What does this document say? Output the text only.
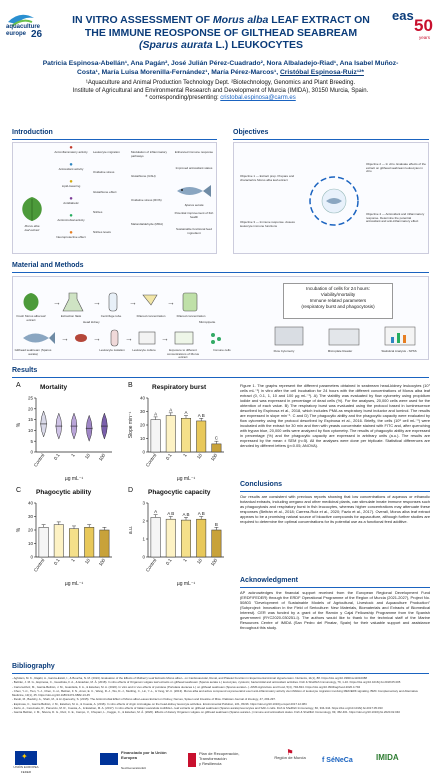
aquaculture
europe 26
eas
50
years
IN VITRO ASSESSMENT OF Morus alba LEAF EXTRACT ON
THE IMMUNE REOSPONSE OF GILTHEAD SEABREAM
(Sparus aurata L.) LEUKOCYTES
Patricia Espinosa-Abellán¹, Ana Pagán², José Julián Pérez-Cuadrado², Nora Albaladejo-Riad¹, Ana Isabel Muñoz-
Costa¹, María Luisa Morenilla-Fernández¹, María Pérez-Marcos¹, Cristóbal Espinosa-Ruiz¹²*
¹Aquaculture and Animal Production Technology Dept. ²Biotechnology, Genomics and Plant Breeding.
Institute of Agricultural and Environmental Research and Development of Murcia (IMIDA), 30150 Murcia, Spain.
* corresponding/presenting: cristobal.espinosa@carm.es
Introduction
Morus alba
leaf extract
●
Anti-inflammatory activity
●
Antioxidant activity
●
Lipid-lowering
●
Antidiabetic
●
Antimicrobial activity
●
Neuroprotective effect
Leukocyte migration
Oxidative stress
Glutathione effect
Nitrites
Nitrites levels
Modulation of inflammatory pathways
Glutathione (GSH)
Oxidative stress (ROS)
Malondialdehyde (MDA)
Enhanced immune response
Improved antioxidant status
Sparus aurata
Potential improvement of fish health
Sustainable functional feed ingredient
Objectives
Objective 1 — Extract prep. Prepare and characterize Morus alba leaf extract
Objective 2 — In vitro. Evaluate effects of the extract on gilthead seabream leukocytes in vitro
Objective 3 — Immune response. Assess leukocyte immune functions
Objective 4 — Antioxidant and inflammatory response. Determine the potential antioxidant and anti-inflammatory effect
Material and Methods
→	→	→	→
Fresh Morus alba leaf extract
Extraction flask	Centrifuge tube	Filtered concentration	Filtered concentration
→	→	→	→
Head kidney
Gilthead seabream (Sparus aurata)
Leukocyte isolation	Leukocyte culture	Exposure to different concentrations of Morus extract
Micropipette
Immune cells
Incubation of cells for 24 hours:
Viability/mortality
Immune related parameters
(respiratory burst and phagocytosis)
Flow Cytometry	Microplate Reader	Statistical Analysis - SPSS
Results
A	Mortality
0
5
10
15
20
25
%
Control 0.1 1 10 100
µg mL⁻¹
B	Respiratory burst
0
10
20
30
40
Slope min⁻¹	A
Control
A
0.1
A
1
A B
10
C
100
µg mL⁻¹
C Phagocytic ability
0
10
20
30
40
%
Control 0.1 1 10 100
µg mL⁻¹
D Phagocytic capacity
0
1
2
3
a.u.
A
Control
A B
0.1
A B
1
A B
10
B
100
µg mL⁻¹
Figure 1. The graphs represent the different parameters obtained in seabream head-kidney leukocytes (10⁷ cells mL⁻¹) in vitro after the cell incubation for 24 hours with the different concentrations of Morus alba leaf extract (0, 0.1, 1, 10 and 100 µg mL⁻¹). A) The viability was evaluated by flow cytometry using propidium iodide and was expressed in percentage of dead cells (%). For the analyses, 20,000 cells were used for the obtention of each value. B) The respiratory burst was evaluated using the protocol based in luminescence described by Espinosa et al., 2018, which includes PMA as respiratory burst inductor and luminol. The results are expressed in slope min⁻¹. C and D) The phagocytic ability and the phagocytic capacity were evaluated by flow cytometry using the protocol described by Espinosa et al., 2016. Briefly, the cells (10⁶ cell mL⁻¹) were incubated with the extract for 30 min and then with yeasts concentrate stained with FITC and, after quenching with trypan blue, 20,000 cells were analyzed by flow cytometry. The results of phagocytic ability are expressed in percentage (%) and the phagocytic capacity are expressed in arbitrary units (a.u.). The results are expressed by the mean ± SEM (n=5). All the analyses were done per triplicate. Statistical differences are denoted by different letters (p<0.05; ANOVA).
Conclusions
Our results are consistent with previous reports showing that low concentrations of aqueous or ethanolic botanical extracts, including oregano and other medicinal plants, can stimulate innate immune responses such as phagocytosis and respiratory burst in fish leucocytes, whereas higher concentrations may attenuate these responses (Beltrán et al., 2018; Carrera-Ruiz et al., 2020; Fazio et al., 2017). Overall, Morus alba leaf extract appears to be a promising natural source of bioactive compounds for aquaculture, although further studies are required to determine the optimal concentrations for its potential use as a functional feed additive.
Acknowledgment
AP acknowledges the financial support received from the European Regional Development Fund (ERDF/FEDER) through the ERDF Operational Programme of the Region of Murcia (2021-2027), Project No. 50803 "Development of Sustainable Models of Agricultural, Livestock and Aquaculture Production" (Subproject: Innovation in the Field of Sericulture: New Materials, Biomaterials and Extracts of Biomedical Interest). CER was funded by a grant of the Ramón y Cajal Fellowship Programme from the Spanish government (RYC2020-030251-I). The authors would like to thank to the technical staff of the Marine Resources Centre of IMIDA (San Pedro del Pinatar, Spain) for their valuable support and assistance throughout this study.
Bibliography
- Aghdam, M. K., Rajabi, A., Garcia-Estéli, I., & Boucha, N. M. (2024). Evaluation of the Effects of Mulberry Leaf Extracts Morus alba L. on Cardiovascular, Renal, and Platelet Function in Experimental Animal Hypertension. Nutrients, 11(1), 88. https://doi.org/10.3390/nu11010088
- Beltrán, J. M. G., Espinosa, C., Guardiola, F. A., & Esteban, M. Á. (2018). In vitro effects of Origanum vulgare leaf extracts on gilthead seabream (Sparus aurata L.) leucocytes, cytotoxic, bactericidal and antioxidant activities. Fish & Shellfish Immunology, 79, 1-10. https://doi.org/10.1016/j.fsi.2018.05.005
- Carrera-Ruiz, M., Garcia-Beltrán, J. M., Guardiola, F. A., & Esteban, M. A. (2020). In vitro and in vivo effects of purslane (Portulaca oleracea L.) on gilthead seabream (Sparus aurata L.). AIMS Agriculture and Food, 5(4), 794-824. https://doi.org/10.3934/agrfood.2020.4.794
- Chen, Y.-C., Tien, Y.-J., Chen, C.-H., Beltran, F. N., Amor, E. C., Wang, R.-J., Wu, D.-J., Mettling, C., Lin, Y.-L., & Yang, W.-C. (2013). Morus alba and active compound oxyresveratrol exert anti-inflammatory activity via inhibition of leukocyte migration involving MEK/ERK signaling. BMC Complementary and Alternative Medicine, 13(1), 45. https://doi.org/10.1186/1472-6882-13-45
- Devki, M., Bavishy, A., Shah, M., & Ar-Quereshy, S. (2015). The Antimicrobial Effect of Morus alba Leaves Extract on Kidney, Nerves, Spleen and Intestine of Mice. Pakistan Journal of Zoology, 47, 293-297.
- Espinosa, C., García Beltrán, J. M., Esteban, M. A., & Cuesta, A. (2016). In vitro effects of virgin microalgae on the head-kidney leucocyte activities. Environmental Pollution, 221, 89-96. https://doi.org/10.1016/j.envpol.2017.12.084
- Fazio, A., Cerezuela, R., Panuccio, M. R., Cuesta, A., & Esteban, M. A. (2017). In vitro effects of Italian Lavandula multifida L. leaf extracts on gilthead seabream (Sparus aurata) leucocytes and SAF-1 cells. Fish & Shellfish Immunology, 66, 334-344. https://doi.org/10.1016/j.fsi.2017.05.033
- Garcia Beltrán, J. M., Silvera, D. G., Ruiz, C. E., Campo, V., Chupani, L., Faggio, C., & Esteban, M. Á. (2020). Effects of dietary Origanum vulgare on gilthead seabream (Sparus aurata L.) immune and antioxidant status. Fish & Shellfish Immunology, 99, 452-461. https://doi.org/10.1016/j.fsi.2020.02.040
✦
UNIÓN EUROPEA
FEDER
Financiado por la Unión Europea
NextGenerationEU
Plan de Recuperación,
Transformación
y Resiliencia
⚑
Región de Murcia	f SéNeCa	IMIDA
